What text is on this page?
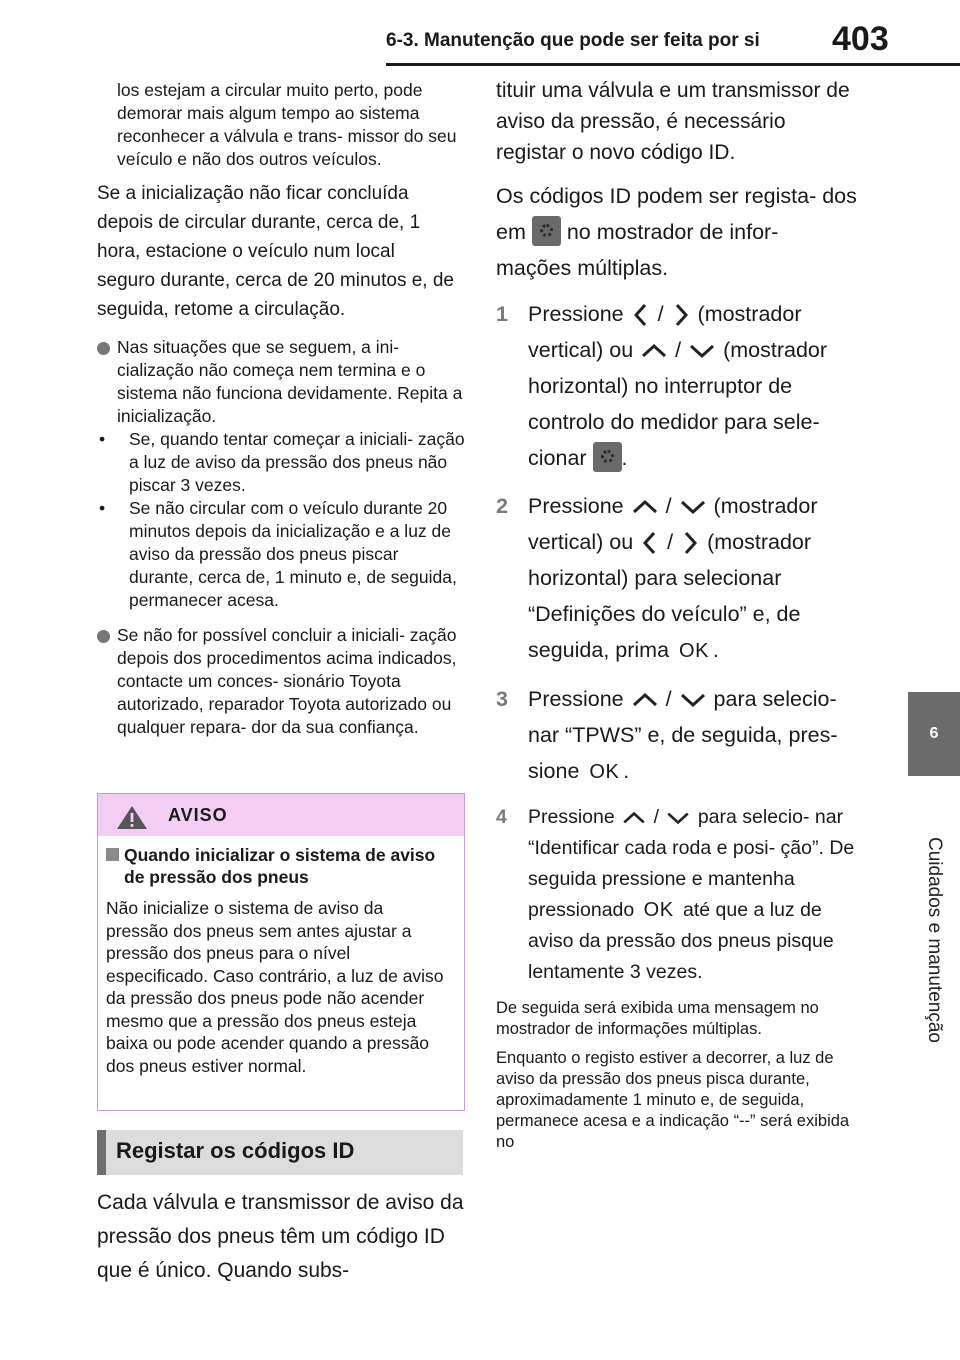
6-3. Manutenção que pode ser feita por si 403
6
Cuidados e manutenção

los estejam a circular muito perto, pode demorar mais algum tempo ao sistema reconhecer a válvula e trans- missor do seu veículo e não dos outros veículos.

Se a inicialização não ficar concluída depois de circular durante, cerca de, 1 hora, estacione o veículo num local seguro durante, cerca de 20 minutos e, de seguida, retome a circulação.

Nas situações que se seguem, a ini- cialização não começa nem termina e o sistema não funciona devidamente. Repita a inicialização.
•	Se, quando tentar começar a iniciali- zação a luz de aviso da pressão dos pneus não piscar 3 vezes.
•	Se não circular com o veículo durante 20 minutos depois da inicialização e a luz de aviso da pressão dos pneus piscar durante, cerca de, 1 minuto e, de seguida, permanecer acesa.
Se não for possível concluir a iniciali- zação depois dos procedimentos acima indicados, contacte um conces- sionário Toyota autorizado, reparador Toyota autorizado ou qualquer repara- dor da sua confiança.
AVISO
Quando inicializar o sistema de aviso de pressão dos pneus

Não inicialize o sistema de aviso da pressão dos pneus sem antes ajustar a pressão dos pneus para o nível especificado. Caso contrário, a luz de aviso da pressão dos pneus pode não acender mesmo que a pressão dos pneus esteja baixa ou pode acender quando a pressão dos pneus estiver normal.

Registar os códigos ID

Cada válvula e transmissor de aviso da pressão dos pneus têm um código ID que é único. Quando subs-

tituir uma válvula e um transmissor de aviso da pressão, é necessário registar o novo código ID.

Os códigos ID podem ser regista- dos em no mostrador de infor- mações múltiplas.

1 Pressione / (mostrador vertical) ou / (mostrador horizontal) no interruptor de controlo do medidor para sele- cionar .
2 Pressione / (mostrador vertical) ou / (mostrador horizontal) para selecionar “Definições do veículo” e, de seguida, prima OK .
3 Pressione / para selecio- nar “TPWS” e, de seguida, pres- sione OK .
4 Pressione / para selecio- nar “Identificar cada roda e posi- ção”. De seguida pressione e mantenha pressionado OK até que a luz de aviso da pressão dos pneus pisque lentamente 3 vezes.

De seguida será exibida uma mensagem no mostrador de informações múltiplas.

Enquanto o registo estiver a decorrer, a luz de aviso da pressão dos pneus pisca durante, aproximadamente 1 minuto e, de seguida, permanece acesa e a indicação “--” será exibida no
